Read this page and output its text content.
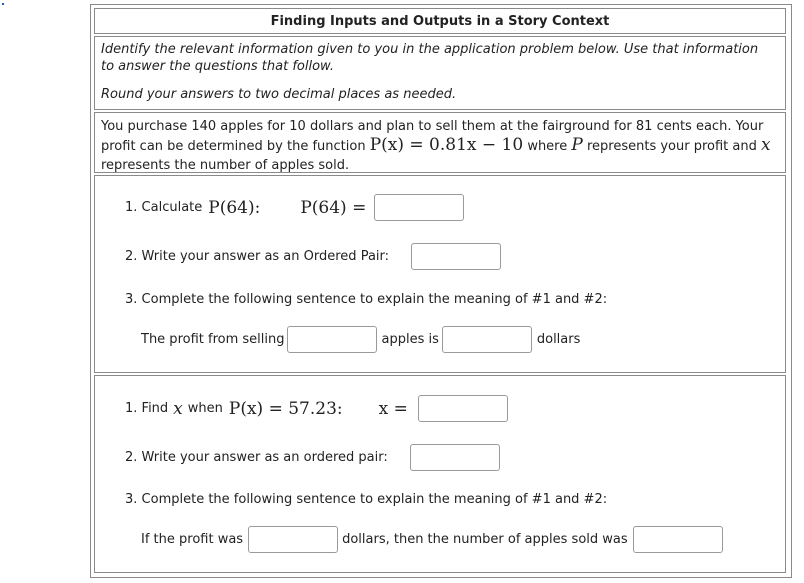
Finding Inputs and Outputs in a Story Context

Identify the relevant information given to you in the application problem below. Use that information

to answer the questions that follow.

Round your answers to two decimal places as needed.

You purchase 140 apples for 10 dollars and plan to sell them at the fairground for 81 cents each. Your
profit can be determined by the function P(x) = 0.81x − 10 where P represents your profit and x
represents the number of apples sold.
1. Calculate P(64): P(64) =
2. Write your answer as an Ordered Pair:
3. Complete the following sentence to explain the meaning of #1 and #2:
The profit from selling	apples is	dollars
1. Find x when P(x) = 57.23: x =
2. Write your answer as an ordered pair:
3. Complete the following sentence to explain the meaning of #1 and #2:
If the profit was	dollars, then the number of apples sold was
